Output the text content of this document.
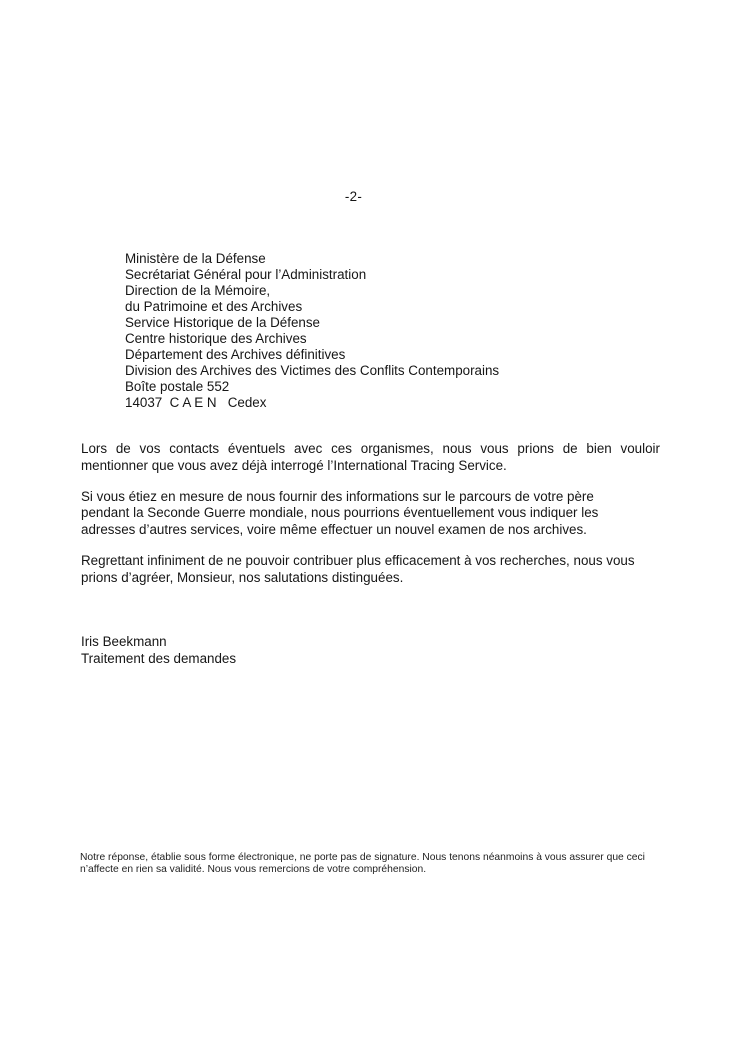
-2-
Ministère de la Défense
Secrétariat Général pour l’Administration
Direction de la Mémoire,
du Patrimoine et des Archives
Service Historique de la Défense
Centre historique des Archives
Département des Archives définitives
Division des Archives des Victimes des Conflits Contemporains
Boîte postale 552
14037  C A E N   Cedex
Lors de vos contacts éventuels avec ces organismes, nous vous prions de bien vouloir
mentionner que vous avez déjà interrogé l’International Tracing Service.
Si vous étiez en mesure de nous fournir des informations sur le parcours de votre père
pendant la Seconde Guerre mondiale, nous pourrions éventuellement vous indiquer les
adresses d’autres services, voire même effectuer un nouvel examen de nos archives.
Regrettant infiniment de ne pouvoir contribuer plus efficacement à vos recherches, nous vous
prions d’agréer, Monsieur, nos salutations distinguées.
Iris Beekmann
Traitement des demandes
Notre réponse, établie sous forme électronique, ne porte pas de signature. Nous tenons néanmoins à vous assurer que ceci
n’affecte en rien sa validité. Nous vous remercions de votre compréhension.
